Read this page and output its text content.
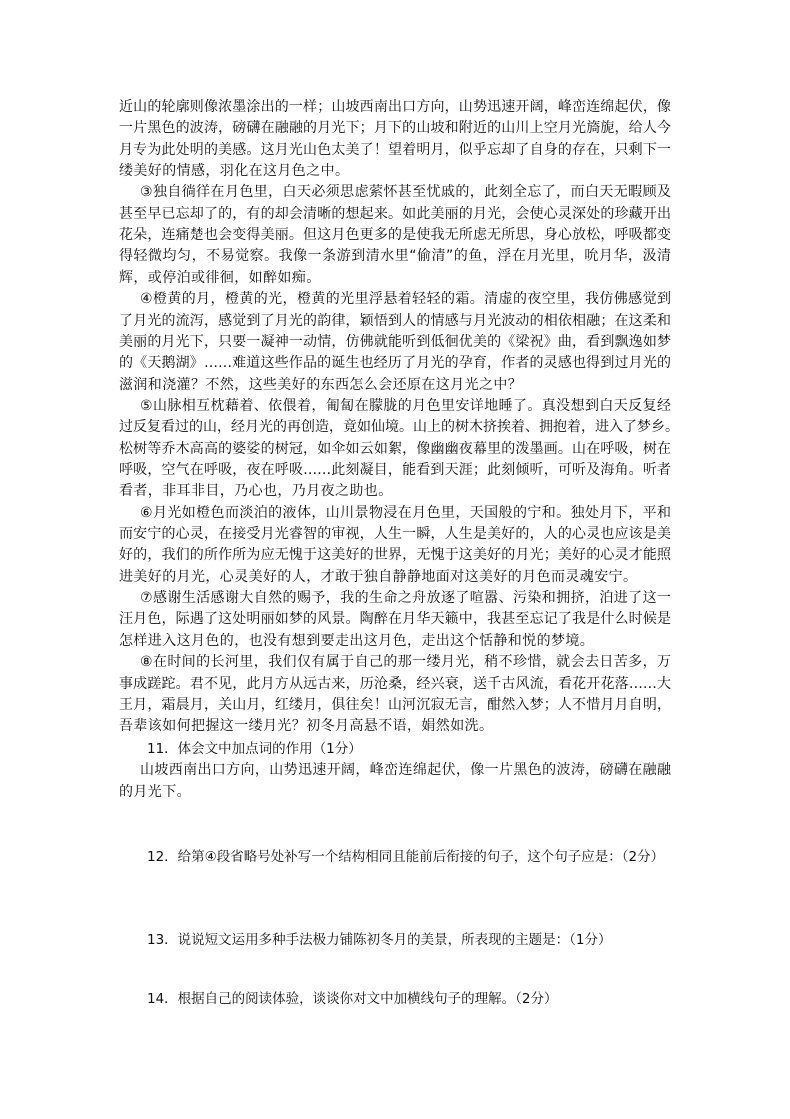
近山的轮廓则像浓墨涂出的一样；山坡西南出口方向，山势迅速开阔，峰峦连绵起伏，像
一片黑色的波涛，磅礴在融融的月光下；月下的山坡和附近的山川上空月光旖旎，给人今
月专为此处明的美感。这月光山色太美了！望着明月，似乎忘却了自身的存在，只剩下一
缕美好的情感，羽化在这月色之中。
③独自徜徉在月色里，白天必须思虑萦怀甚至忧戚的，此刻全忘了，而白天无暇顾及
甚至早已忘却了的，有的却会清晰的想起来。如此美丽的月光，会使心灵深处的珍藏开出
花朵，连痛楚也会变得美丽。但这月色更多的是使我无所虑无所思，身心放松，呼吸都变
得轻微均匀，不易觉察。我像一条游到清水里“偷清”的鱼，浮在月光里，吮月华，汲清
辉，或停泊或徘徊，如醉如痴。
④橙黄的月，橙黄的光，橙黄的光里浮悬着轻轻的霜。清虚的夜空里，我仿佛感觉到
了月光的流泻，感觉到了月光的韵律，颖悟到人的情感与月光波动的相依相融；在这柔和
美丽的月光下，只要一凝神一动情，仿佛就能听到低徊优美的《梁祝》曲，看到飘逸如梦
的《天鹅湖》……难道这些作品的诞生也经历了月光的孕育，作者的灵感也得到过月光的
滋润和浇灌？不然，这些美好的东西怎么会还原在这月光之中？
⑤山脉相互枕藉着、依偎着，匍匐在朦胧的月色里安详地睡了。真没想到白天反复经
过反复看过的山，经月光的再创造，竟如仙境。山上的树木挤挨着、拥抱着，进入了梦乡。
松树等乔木高高的婆娑的树冠，如伞如云如絮，像幽幽夜幕里的泼墨画。山在呼吸，树在
呼吸，空气在呼吸，夜在呼吸……此刻凝目，能看到天涯；此刻倾听，可听及海角。听者
看者，非耳非目，乃心也，乃月夜之助也。
⑥月光如橙色而淡泊的液体，山川景物浸在月色里，天国般的宁和。独处月下，平和
而安宁的心灵，在接受月光睿智的审视，人生一瞬，人生是美好的，人的心灵也应该是美
好的，我们的所作所为应无愧于这美好的世界，无愧于这美好的月光；美好的心灵才能照
进美好的月光，心灵美好的人，才敢于独自静静地面对这美好的月色而灵魂安宁。
⑦感谢生活感谢大自然的赐予，我的生命之舟放逐了喧嚣、污染和拥挤，泊进了这一
汪月色，际遇了这处明丽如梦的风景。陶醉在月华天籁中，我甚至忘记了我是什么时候是
怎样进入这月色的，也没有想到要走出这月色，走出这个恬静和悦的梦境。
⑧在时间的长河里，我们仅有属于自己的那一缕月光，稍不珍惜，就会去日苦多，万
事成蹉跎。君不见，此月方从远古来，历沧桑，经兴衰，送千古风流，看花开花落……大
王月，霜晨月，关山月，红缕月，俱往矣！山河沉寂无言，酣然入梦；人不惜月月自明，
吾辈该如何把握这一缕月光？初冬月高悬不语，娟然如洗。
11．体会文中加点词的作用（1分）
山坡西南出口方向，山势迅速开阔，峰峦连绵起伏，像一片黑色的波涛，磅礴在融融
的月光下。
12．给第④段省略号处补写一个结构相同且能前后衔接的句子，这个句子应是：（2分）
13．说说短文运用多种手法极力铺陈初冬月的美景，所表现的主题是：（1分）
14．根据自己的阅读体验，谈谈你对文中加横线句子的理解。（2分）
